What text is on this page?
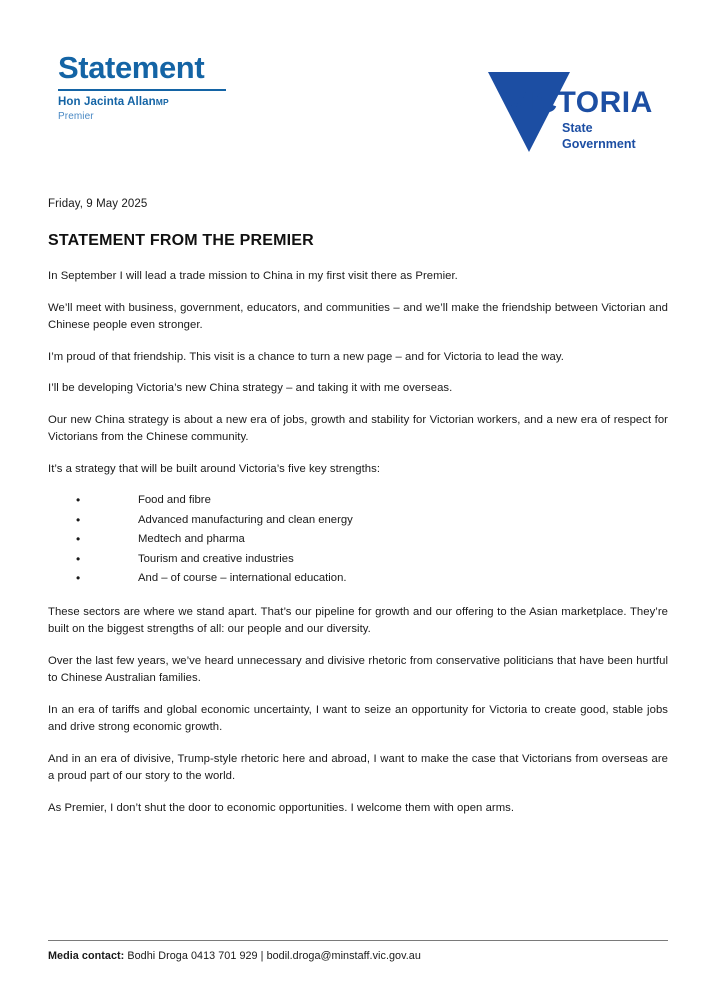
Statement
Hon Jacinta AllanMP
Premier	VICTORIA
State
Government
Friday, 9 May 2025
STATEMENT FROM THE PREMIER

In September I will lead a trade mission to China in my first visit there as Premier.

We’ll meet with business, government, educators, and communities – and we’ll make the friendship between Victorian and Chinese people even stronger.

I’m proud of that friendship. This visit is a chance to turn a new page – and for Victoria to lead the way.

I’ll be developing Victoria’s new China strategy – and taking it with me overseas.

Our new China strategy is about a new era of jobs, growth and stability for Victorian workers, and a new era of respect for Victorians from the Chinese community.

It’s a strategy that will be built around Victoria’s five key strengths:

• Food and fibre
• Advanced manufacturing and clean energy
• Medtech and pharma
• Tourism and creative industries
• And – of course – international education.

These sectors are where we stand apart. That’s our pipeline for growth and our offering to the Asian marketplace. They’re built on the biggest strengths of all: our people and our diversity.

Over the last few years, we’ve heard unnecessary and divisive rhetoric from conservative politicians that have been hurtful to Chinese Australian families.

In an era of tariffs and global economic uncertainty, I want to seize an opportunity for Victoria to create good, stable jobs and drive strong economic growth.

And in an era of divisive, Trump-style rhetoric here and abroad, I want to make the case that Victorians from overseas are a proud part of our story to the world.

As Premier, I don’t shut the door to economic opportunities. I welcome them with open arms.

Media contact: Bodhi Droga 0413 701 929 | bodil.droga@minstaff.vic.gov.au
